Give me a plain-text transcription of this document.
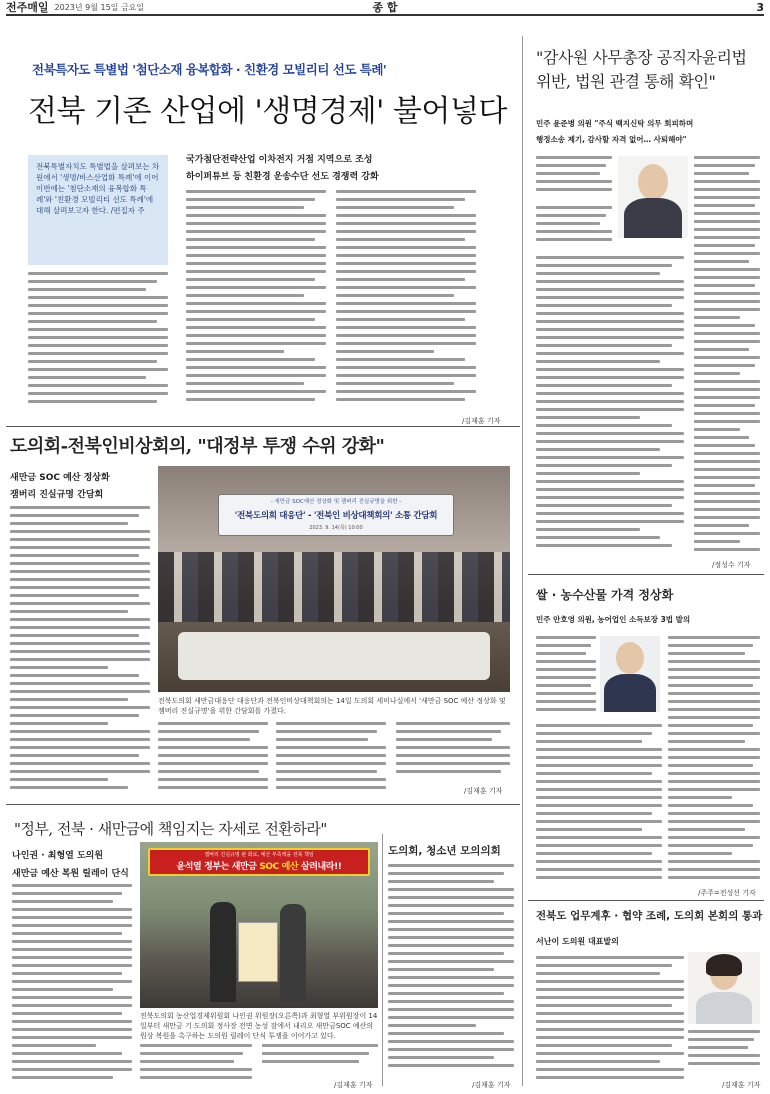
전주매일 2023년 9월 15일 금요일	종 합	3
전북특자도 특별법 '첨단소재 융복합화 · 친환경 모빌리티 선도 특례'
전북 기존 산업에 '생명경제' 불어넣다
전북특별자치도 특별법을 살펴보는 차원에서 '생명/바스산업화 특례'에 이어 이번에는 '첨단소재의 융복합화 특례'와 '친환경 모빌리티 선도 특례'에 대해 살펴보고자 한다. /편집자 주
국가첨단전략산업 이차전지 거점 지역으로 조성
하이퍼튜브 등 친환경 운송수단 선도 경쟁력 강화
/김재훈 기자
도의회-전북인비상회의, "대정부 투쟁 수위 강화"
새만금 SOC 예산 정상화
잼버리 진실규명 간담회
- 새만금 SOC예산 정상화 및 잼버리 진실규명을 위한 -
'전북도의회 대응단' - '전북인 비상대책회의' 소통 간담회
2023. 9. 14(목) 10:00
전북도의회 새만금대응단 대응단과 전북인비상대책회의는 14일 도의회 세미나실에서 '새만금 SOC 예산 정상화 및 잼버리 진실규명'을 위한 간담회를 가졌다.
/김재훈 기자
"정부, 전북 · 새만금에 책임지는 자세로 전환하라"
나인권 · 최형열 도의원
새만금 예산 복원 릴레이 단식
잼버리 진실규명 완 화로, 예산 부족액을 전북 책임
윤석열 정부는 새만금 SOC 예산 살려내라!!
전북도의회 농산업경제위원회 나인권 위원장(오른쪽)과 최형열 부위원장이 14일부터 새만금 기 도의회 정사장 전면 농성 잠에서 내리오 새만금SOC 예산의 원상 복원을 촉구하는 도의원 릴레이 단식 투쟁을 이어가고 있다.
/김재훈 기자
도의회, 청소년 모의의회
/김재훈 기자
"감사원 사무총장 공직자윤리법 위반, 법원 관결 통해 확인"
민주 윤준병 의원 "주식 백지신탁 의무 회피하며
행정소송 제기, 감사할 자격 없어… 사퇴해야"
/정성수 기자
쌀 · 농수산물 가격 정상화
민주 안호영 의원, 농어업인 소득보장 3법 발의
/주주=전성선 기자
전북도 업무계후 · 협약 조례, 도의회 본회의 통과
서난이 도의원 대표발의
/김재훈 기자
